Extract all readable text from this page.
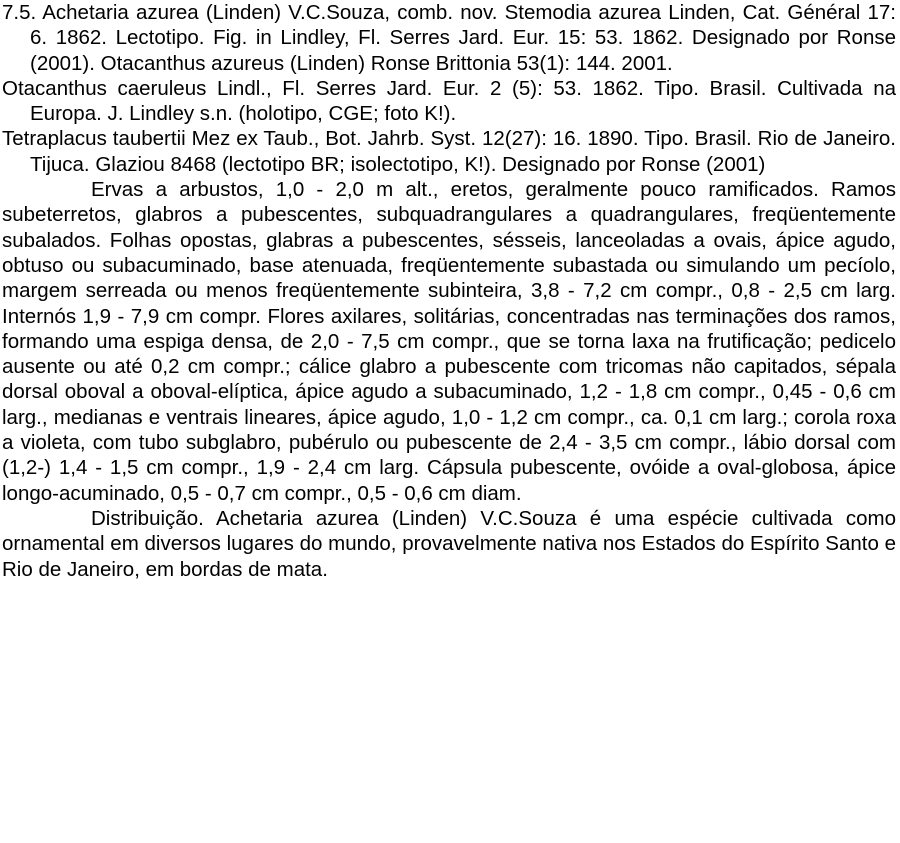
7.5. Achetaria azurea (Linden) V.C.Souza, comb. nov. Stemodia azurea Linden, Cat. Général 17: 6. 1862. Lectotipo. Fig. in Lindley, Fl. Serres Jard. Eur. 15: 53. 1862. Designado por Ronse (2001). Otacanthus azureus (Linden) Ronse Brittonia 53(1): 144. 2001.

Otacanthus caeruleus Lindl., Fl. Serres Jard. Eur. 2 (5): 53. 1862. Tipo. Brasil. Cultivada na Europa. J. Lindley s.n. (holotipo, CGE; foto K!).

Tetraplacus taubertii Mez ex Taub., Bot. Jahrb. Syst. 12(27): 16. 1890. Tipo. Brasil. Rio de Janeiro. Tijuca. Glaziou 8468 (lectotipo BR; isolectotipo, K!). Designado por Ronse (2001)

Ervas a arbustos, 1,0 - 2,0 m alt., eretos, geralmente pouco ramificados. Ramos subeterretos, glabros a pubescentes, subquadrangulares a quadrangulares, freqüentemente subalados. Folhas opostas, glabras a pubescentes, sésseis, lanceoladas a ovais, ápice agudo, obtuso ou subacuminado, base atenuada, freqüentemente subastada ou simulando um pecíolo, margem serreada ou menos freqüentemente subinteira, 3,8 - 7,2 cm compr., 0,8 - 2,5 cm larg. Internós 1,9 - 7,9 cm compr. Flores axilares, solitárias, concentradas nas terminações dos ramos, formando uma espiga densa, de 2,0 - 7,5 cm compr., que se torna laxa na frutificação; pedicelo ausente ou até 0,2 cm compr.; cálice glabro a pubescente com tricomas não capitados, sépala dorsal oboval a oboval-elíptica, ápice agudo a subacuminado, 1,2 - 1,8 cm compr., 0,45 - 0,6 cm larg., medianas e ventrais lineares, ápice agudo, 1,0 - 1,2 cm compr., ca. 0,1 cm larg.; corola roxa a violeta, com tubo subglabro, pubérulo ou pubescente de 2,4 - 3,5 cm compr., lábio dorsal com (1,2-) 1,4 - 1,5 cm compr., 1,9 - 2,4 cm larg. Cápsula pubescente, ovóide a oval-globosa, ápice longo-acuminado, 0,5 - 0,7 cm compr., 0,5 - 0,6 cm diam.

Distribuição. Achetaria azurea (Linden) V.C.Souza é uma espécie cultivada como ornamental em diversos lugares do mundo, provavelmente nativa nos Estados do Espírito Santo e Rio de Janeiro, em bordas de mata.
